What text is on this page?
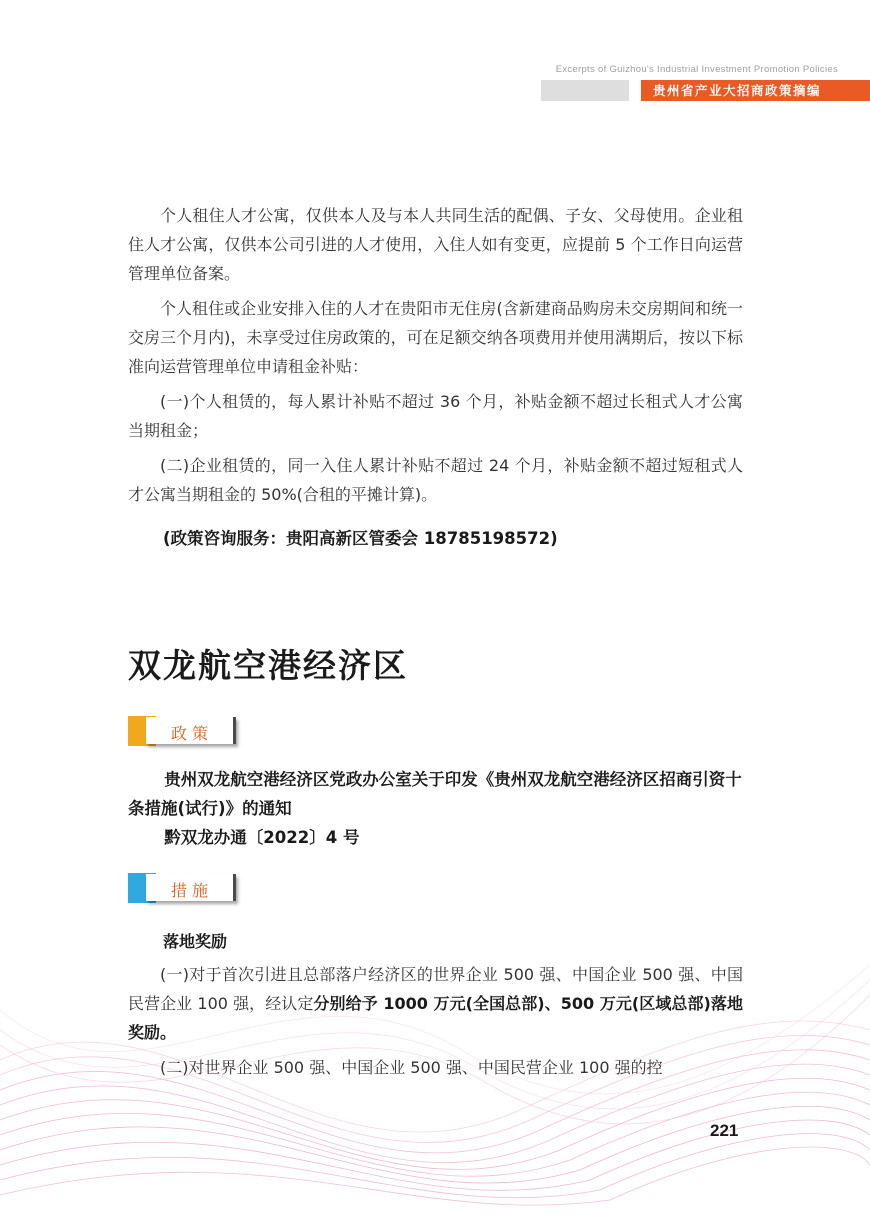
Excerpts of Guizhou's Industrial Investment Promotion Policies
贵州省产业大招商政策摘编

个人租住人才公寓，仅供本人及与本人共同生活的配偶、子女、父母使用。企业租住人才公寓，仅供本公司引进的人才使用，入住人如有变更，应提前 5 个工作日向运营管理单位备案。

个人租住或企业安排入住的人才在贵阳市无住房(含新建商品购房未交房期间和统一交房三个月内)，未享受过住房政策的，可在足额交纳各项费用并使用满期后，按以下标准向运营管理单位申请租金补贴：

(一)个人租赁的，每人累计补贴不超过 36 个月，补贴金额不超过长租式人才公寓当期租金；

(二)企业租赁的，同一入住人累计补贴不超过 24 个月，补贴金额不超过短租式人才公寓当期租金的 50%(合租的平摊计算)。

(政策咨询服务：贵阳高新区管委会 18785198572)
双龙航空港经济区
政策

贵州双龙航空港经济区党政办公室关于印发《贵州双龙航空港经济区招商引资十条措施(试行)》的通知

黔双龙办通〔2022〕4 号

措施
落地奖励

(一)对于首次引进且总部落户经济区的世界企业 500 强、中国企业 500 强、中国民营企业 100 强，经认定分别给予 1000 万元(全国总部)、500 万元(区域总部)落地奖励。

(二)对世界企业 500 强、中国企业 500 强、中国民营企业 100 强的控

221
